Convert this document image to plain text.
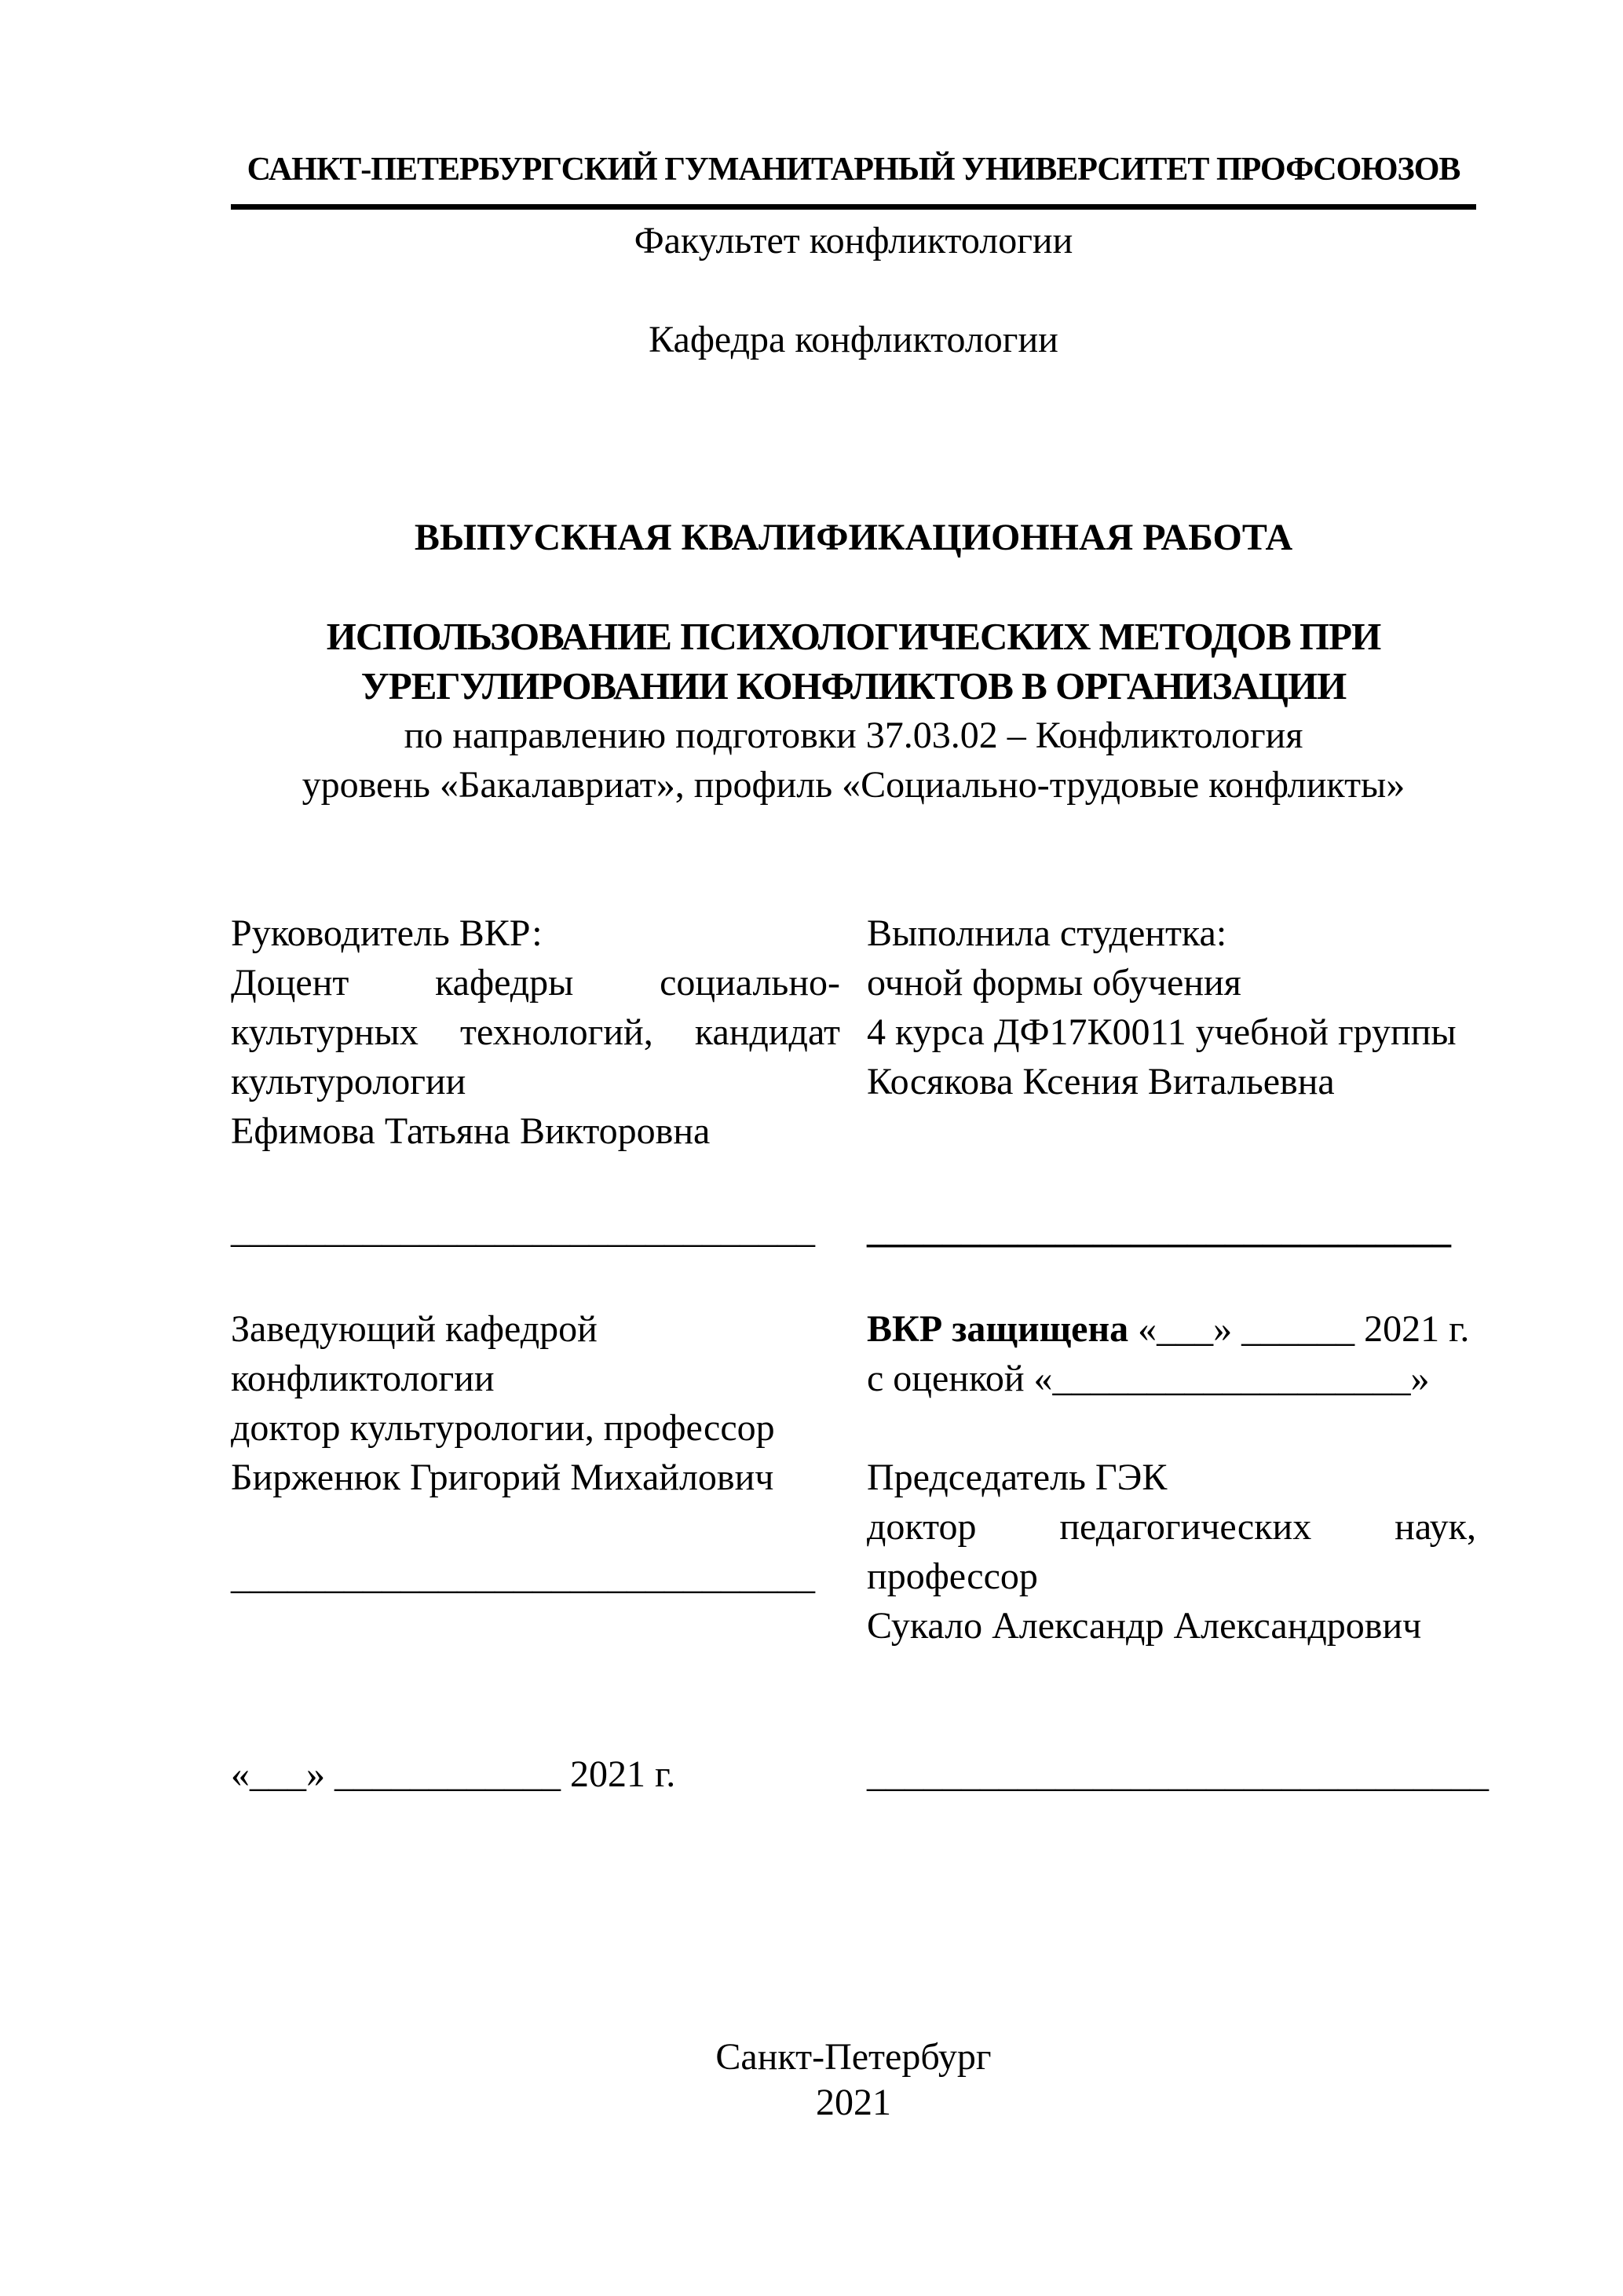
САНКТ-ПЕТЕРБУРГСКИЙ ГУМАНИТАРНЫЙ УНИВЕРСИТЕТ ПРОФСОЮЗОВ

Факультет конфликтологии

Кафедра конфликтологии

ВЫПУСКНАЯ КВАЛИФИКАЦИОННАЯ РАБОТА

ИСПОЛЬЗОВАНИЕ ПСИХОЛОГИЧЕСКИХ МЕТОДОВ ПРИ

УРЕГУЛИРОВАНИИ КОНФЛИКТОВ В ОРГАНИЗАЦИИ

по направлению подготовки 37.03.02 – Конфликтология

уровень «Бакалавриат», профиль «Социально-трудовые конфликты»

Руководитель ВКР:

Доцент кафедры социально-культурных технологий, кандидат культурологии

Ефимова Татьяна Викторовна

_______________________________

Заведующий кафедрой

конфликтологии

доктор культурологии, профессор

Бирженюк Григорий Михайлович

_______________________________

«___» ____________ 2021 г.

Выполнила студентка:

очной формы обучения

4 курса ДФ17К0011 учебной группы

Косякова Ксения Витальевна

_______________________________

ВКР защищена «___» ______ 2021 г.

с оценкой «___________________»

Председатель ГЭК

доктор педагогических наук, профессор

Сукало Александр Александрович

_________________________________

Санкт-Петербург

2021
